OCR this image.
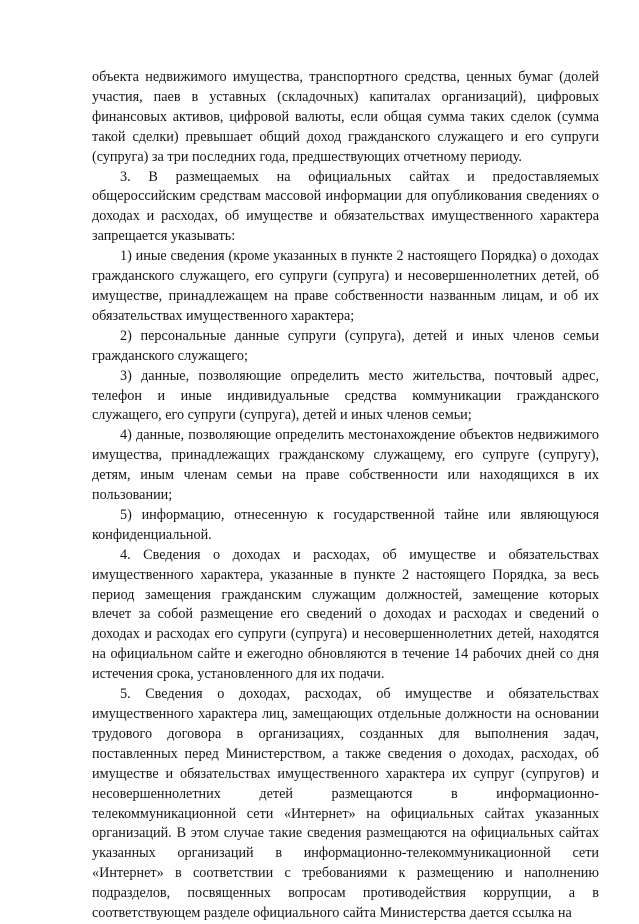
объекта недвижимого имущества, транспортного средства, ценных бумаг (долей участия, паев в уставных (складочных) капиталах организаций), цифровых финансовых активов, цифровой валюты, если общая сумма таких сделок (сумма такой сделки) превышает общий доход гражданского служащего и его супруги (супруга) за три последних года, предшествующих отчетному периоду.

3. В размещаемых на официальных сайтах и предоставляемых общероссийским средствам массовой информации для опубликования сведениях о доходах и расходах, об имуществе и обязательствах имущественного характера запрещается указывать:

1) иные сведения (кроме указанных в пункте 2 настоящего Порядка) о доходах гражданского служащего, его супруги (супруга) и несовершеннолетних детей, об имуществе, принадлежащем на праве собственности названным лицам, и об их обязательствах имущественного характера;

2) персональные данные супруги (супруга), детей и иных членов семьи гражданского служащего;

3) данные, позволяющие определить место жительства, почтовый адрес, телефон и иные индивидуальные средства коммуникации гражданского служащего, его супруги (супруга), детей и иных членов семьи;

4) данные, позволяющие определить местонахождение объектов недвижимого имущества, принадлежащих гражданскому служащему, его супруге (супругу), детям, иным членам семьи на праве собственности или находящихся в их пользовании;

5) информацию, отнесенную к государственной тайне или являющуюся конфиденциальной.

4. Сведения о доходах и расходах, об имуществе и обязательствах имущественного характера, указанные в пункте 2 настоящего Порядка, за весь период замещения гражданским служащим должностей, замещение которых влечет за собой размещение его сведений о доходах и расходах и сведений о доходах и расходах его супруги (супруга) и несовершеннолетних детей, находятся на официальном сайте и ежегодно обновляются в течение 14 рабочих дней со дня истечения срока, установленного для их подачи.

5. Сведения о доходах, расходах, об имуществе и обязательствах имущественного характера лиц, замещающих отдельные должности на основании трудового договора в организациях, созданных для выполнения задач, поставленных перед Министерством, а также сведения о доходах, расходах, об имуществе и обязательствах имущественного характера их супруг (супругов) и несовершеннолетних детей размещаются в информационно-телекоммуникационной сети «Интернет» на официальных сайтах указанных организаций. В этом случае такие сведения размещаются на официальных сайтах указанных организаций в информационно-телекоммуникационной сети «Интернет» в соответствии с требованиями к размещению и наполнению подразделов, посвященных вопросам противодействия коррупции, а в соответствующем разделе официального сайта Министерства дается ссылка на
